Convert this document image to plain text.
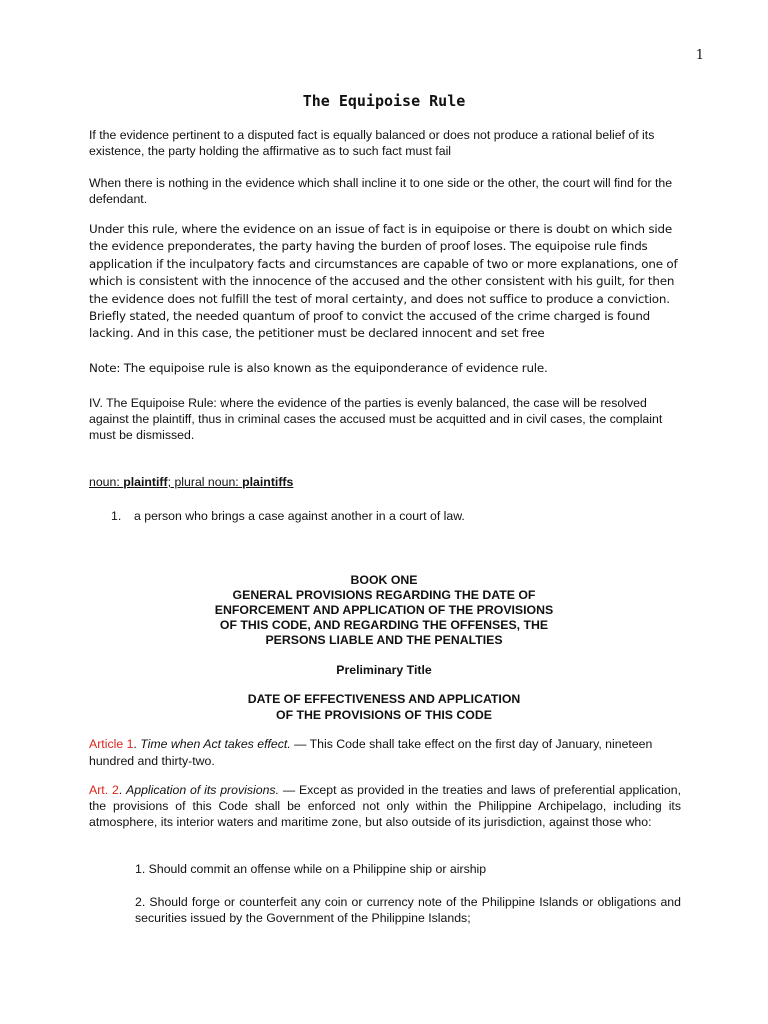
1
The Equipoise Rule

If the evidence pertinent to a disputed fact is equally balanced or does not produce a rational belief of its existence, the party holding the affirmative as to such fact must fail

When there is nothing in the evidence which shall incline it to one side or the other, the court will find for the defendant.

Under this rule, where the evidence on an issue of fact is in equipoise or there is doubt on which side the evidence preponderates, the party having the burden of proof loses. The equipoise rule finds application if the inculpatory facts and circumstances are capable of two or more explanations, one of which is consistent with the innocence of the accused and the other consistent with his guilt, for then the evidence does not fulfill the test of moral certainty, and does not suffice to produce a conviction. Briefly stated, the needed quantum of proof to convict the accused of the crime charged is found lacking. And in this case, the petitioner must be declared innocent and set free

Note: The equipoise rule is also known as the equiponderance of evidence rule.

IV. The Equipoise Rule: where the evidence of the parties is evenly balanced, the case will be resolved against the plaintiff, thus in criminal cases the accused must be acquitted and in civil cases, the complaint must be dismissed.

noun: plaintiff; plural noun: plaintiffs

1. a person who brings a case against another in a court of law.

BOOK ONE

GENERAL PROVISIONS REGARDING THE DATE OF

ENFORCEMENT AND APPLICATION OF THE PROVISIONS

OF THIS CODE, AND REGARDING THE OFFENSES, THE

PERSONS LIABLE AND THE PENALTIES

Preliminary Title

DATE OF EFFECTIVENESS AND APPLICATION

OF THE PROVISIONS OF THIS CODE

Article 1. Time when Act takes effect. — This Code shall take effect on the first day of January, nineteen hundred and thirty-two.

Art. 2. Application of its provisions. — Except as provided in the treaties and laws of preferential application, the provisions of this Code shall be enforced not only within the Philippine Archipelago, including its atmosphere, its interior waters and maritime zone, but also outside of its jurisdiction, against those who:

1. Should commit an offense while on a Philippine ship or airship

2. Should forge or counterfeit any coin or currency note of the Philippine Islands or obligations and securities issued by the Government of the Philippine Islands;
